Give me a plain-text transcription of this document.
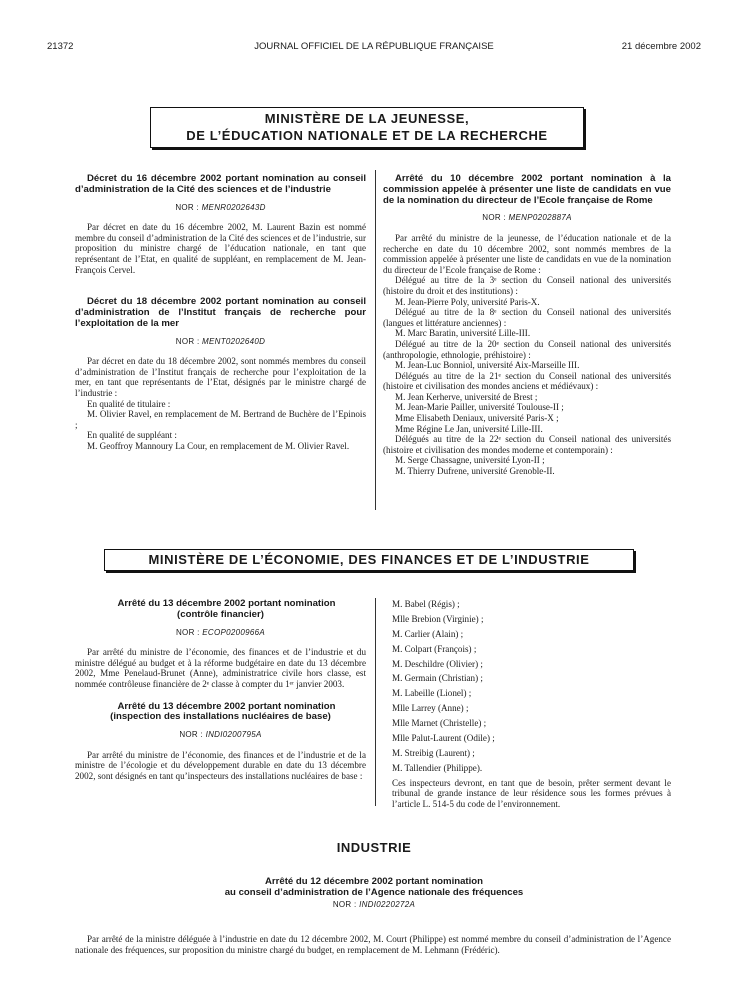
21372	JOURNAL OFFICIEL DE LA RÉPUBLIQUE FRANÇAISE	21 décembre 2002
MINISTÈRE DE LA JEUNESSE,
DE L’ÉDUCATION NATIONALE ET DE LA RECHERCHE

Décret du 16 décembre 2002 portant nomination au conseil d’administration de la Cité des sciences et de l’industrie

NOR : MENR0202643D

Par décret en date du 16 décembre 2002, M. Laurent Bazin est nommé membre du conseil d’administration de la Cité des sciences et de l’industrie, sur proposition du ministre chargé de l’éducation nationale, en tant que représentant de l’Etat, en qualité de suppléant, en remplacement de M. Jean-François Cervel.

Décret du 18 décembre 2002 portant nomination au conseil d’administration de l’Institut français de recherche pour l’exploitation de la mer

NOR : MENT0202640D

Par décret en date du 18 décembre 2002, sont nommés membres du conseil d’administration de l’Institut français de recherche pour l’exploitation de la mer, en tant que représentants de l’Etat, désignés par le ministre chargé de l’industrie :

En qualité de titulaire :

M. Olivier Ravel, en remplacement de M. Bertrand de Buchère de l’Epinois ;

En qualité de suppléant :

M. Geoffroy Mannoury La Cour, en remplacement de M. Olivier Ravel.

Arrêté du 10 décembre 2002 portant nomination à la commission appelée à présenter une liste de candidats en vue de la nomination du directeur de l’Ecole française de Rome

NOR : MENP0202887A

Par arrêté du ministre de la jeunesse, de l’éducation nationale et de la recherche en date du 10 décembre 2002, sont nommés membres de la commission appelée à présenter une liste de candidats en vue de la nomination du directeur de l’Ecole française de Rome :

Délégué au titre de la 3ᵉ section du Conseil national des universités (histoire du droit et des institutions) :

M. Jean-Pierre Poly, université Paris-X.

Délégué au titre de la 8ᵉ section du Conseil national des universités (langues et littérature anciennes) :

M. Marc Baratin, université Lille-III.

Délégué au titre de la 20ᵉ section du Conseil national des universités (anthropologie, ethnologie, préhistoire) :

M. Jean-Luc Bonniol, université Aix-Marseille III.

Délégués au titre de la 21ᵉ section du Conseil national des universités (histoire et civilisation des mondes anciens et médiévaux) :

M. Jean Kerherve, université de Brest ;

M. Jean-Marie Pailler, université Toulouse-II ;

Mme Elisabeth Deniaux, université Paris-X ;

Mme Régine Le Jan, université Lille-III.

Délégués au titre de la 22ᵉ section du Conseil national des universités (histoire et civilisation des mondes moderne et contemporain) :

M. Serge Chassagne, université Lyon-II ;

M. Thierry Dufrene, université Grenoble-II.

MINISTÈRE DE L’ÉCONOMIE, DES FINANCES ET DE L’INDUSTRIE

Arrêté du 13 décembre 2002 portant nomination (contrôle financier)

NOR : ECOP0200966A

Par arrêté du ministre de l’économie, des finances et de l’industrie et du ministre délégué au budget et à la réforme budgétaire en date du 13 décembre 2002, Mme Penelaud-Brunet (Anne), administratrice civile hors classe, est nommée contrôleuse financière de 2ᵉ classe à compter du 1ᵉʳ janvier 2003.

Arrêté du 13 décembre 2002 portant nomination (inspection des installations nucléaires de base)

NOR : INDI0200795A

Par arrêté du ministre de l’économie, des finances et de l’industrie et de la ministre de l’écologie et du développement durable en date du 13 décembre 2002, sont désignés en tant qu’inspecteurs des installations nucléaires de base :

M. Babel (Régis) ;

Mlle Brebion (Virginie) ;

M. Carlier (Alain) ;

M. Colpart (François) ;

M. Deschildre (Olivier) ;

M. Germain (Christian) ;

M. Labeille (Lionel) ;

Mlle Larrey (Anne) ;

Mlle Marnet (Christelle) ;

Mlle Palut-Laurent (Odile) ;

M. Streibig (Laurent) ;

M. Tallendier (Philippe).

Ces inspecteurs devront, en tant que de besoin, prêter serment devant le tribunal de grande instance de leur résidence sous les formes prévues à l’article L. 514-5 du code de l’environnement.

INDUSTRIE
Arrêté du 12 décembre 2002 portant nomination
au conseil d’administration de l’Agence nationale des fréquences
NOR : INDI0220272A

Par arrêté de la ministre déléguée à l’industrie en date du 12 décembre 2002, M. Court (Philippe) est nommé membre du conseil d’administration de l’Agence nationale des fréquences, sur proposition du ministre chargé du budget, en remplacement de M. Lehmann (Frédéric).
